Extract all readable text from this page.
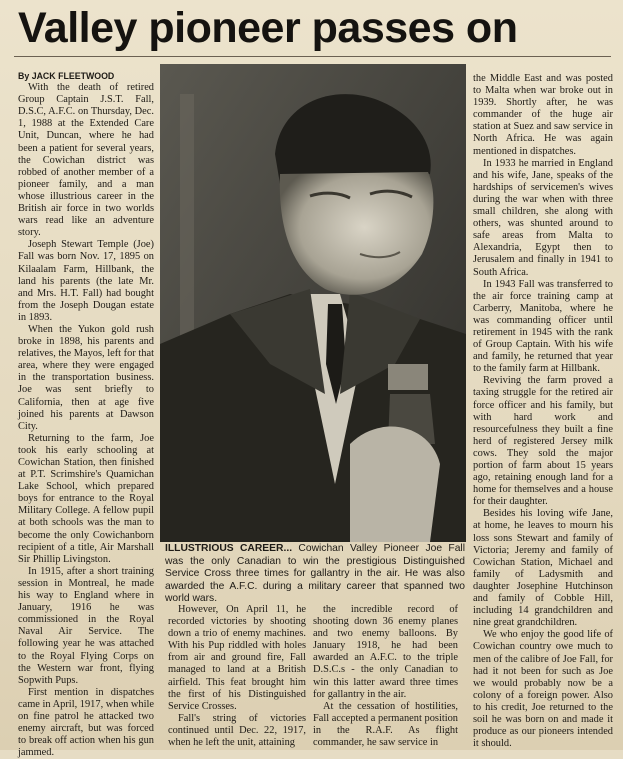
Valley pioneer passes on

By JACK FLEETWOOD

With the death of retired Group Captain J.S.T. Fall, D.S.C, A.F.C. on Thursday, Dec. 1, 1988 at the Extended Care Unit, Duncan, where he had been a patient for several years, the Cowichan district was robbed of another member of a pioneer family, and a man whose illustrious career in the British air force in two worlds wars read like an adventure story.

Joseph Stewart Temple (Joe) Fall was born Nov. 17, 1895 on Kilaalam Farm, Hillbank, the land his parents (the late Mr. and Mrs. H.T. Fall) had bought from the Joseph Dougan estate in 1893.

When the Yukon gold rush broke in 1898, his parents and relatives, the Mayos, left for that area, where they were engaged in the transportation business. Joe was sent briefly to California, then at age five joined his parents at Dawson City.

Returning to the farm, Joe took his early schooling at Cowichan Station, then finished at P.T. Scrimshire's Quamichan Lake School, which prepared boys for entrance to the Royal Military College. A fellow pupil at both schools was the man to become the only Cowichanborn recipient of a title, Air Marshall Sir Phillip Livingston.

In 1915, after a short training session in Montreal, he made his way to England where in January, 1916 he was commissioned in the Royal Naval Air Service. The following year he was attached to the Royal Flying Corps on the Western war front, flying Sopwith Pups.

First mention in dispatches came in April, 1917, when while on fine patrol he attacked two enemy aircraft, but was forced to break off action when his gun jammed.

ILLUSTRIOUS CAREER... Cowichan Valley Pioneer Joe Fall was the only Canadian to win the prestigious Distinguished Service Cross three times for gallantry in the air. He was also awarded the A.F.C. during a military career that spanned two world wars.

However, On April 11, he recorded victories by shooting down a trio of enemy machines. With his Pup riddled with holes from air and ground fire, Fall managed to land at a British airfield. This feat brought him the first of his Distinguished Service Crosses.

Fall's string of victories continued until Dec. 22, 1917, when he left the unit, attaining

the incredible record of shooting down 36 enemy planes and two enemy balloons. By January 1918, he had been awarded an A.F.C. to the triple D.S.C.s - the only Canadian to win this latter award three times for gallantry in the air.

At the cessation of hostilities, Fall accepted a permanent position in the R.A.F. As flight commander, he saw service in

the Middle East and was posted to Malta when war broke out in 1939. Shortly after, he was commander of the huge air station at Suez and saw service in North Africa. He was again mentioned in dispatches.

In 1933 he married in England and his wife, Jane, speaks of the hardships of servicemen's wives during the war when with three small children, she along with others, was shunted around to safe areas from Malta to Alexandria, Egypt then to Jerusalem and finally in 1941 to South Africa.

In 1943 Fall was transferred to the air force training camp at Carberry, Manitoba, where he was commanding officer until retirement in 1945 with the rank of Group Captain. With his wife and family, he returned that year to the family farm at Hillbank.

Reviving the farm proved a taxing struggle for the retired air force officer and his family, but with hard work and resourcefulness they built a fine herd of registered Jersey milk cows. They sold the major portion of farm about 15 years ago, retaining enough land for a home for themselves and a house for their daughter.

Besides his loving wife Jane, at home, he leaves to mourn his loss sons Stewart and family of Victoria; Jeremy and family of Cowichan Station, Michael and family of Ladysmith and daughter Josephine Hutchinson and family of Cobble Hill, including 14 grandchildren and nine great grandchildren.

We who enjoy the good life of Cowichan country owe much to men of the calibre of Joe Fall, for had it not been for such as Joe we would probably now be a colony of a foreign power. Also to his credit, Joe returned to the soil he was born on and made it produce as our pioneers intended it should.
